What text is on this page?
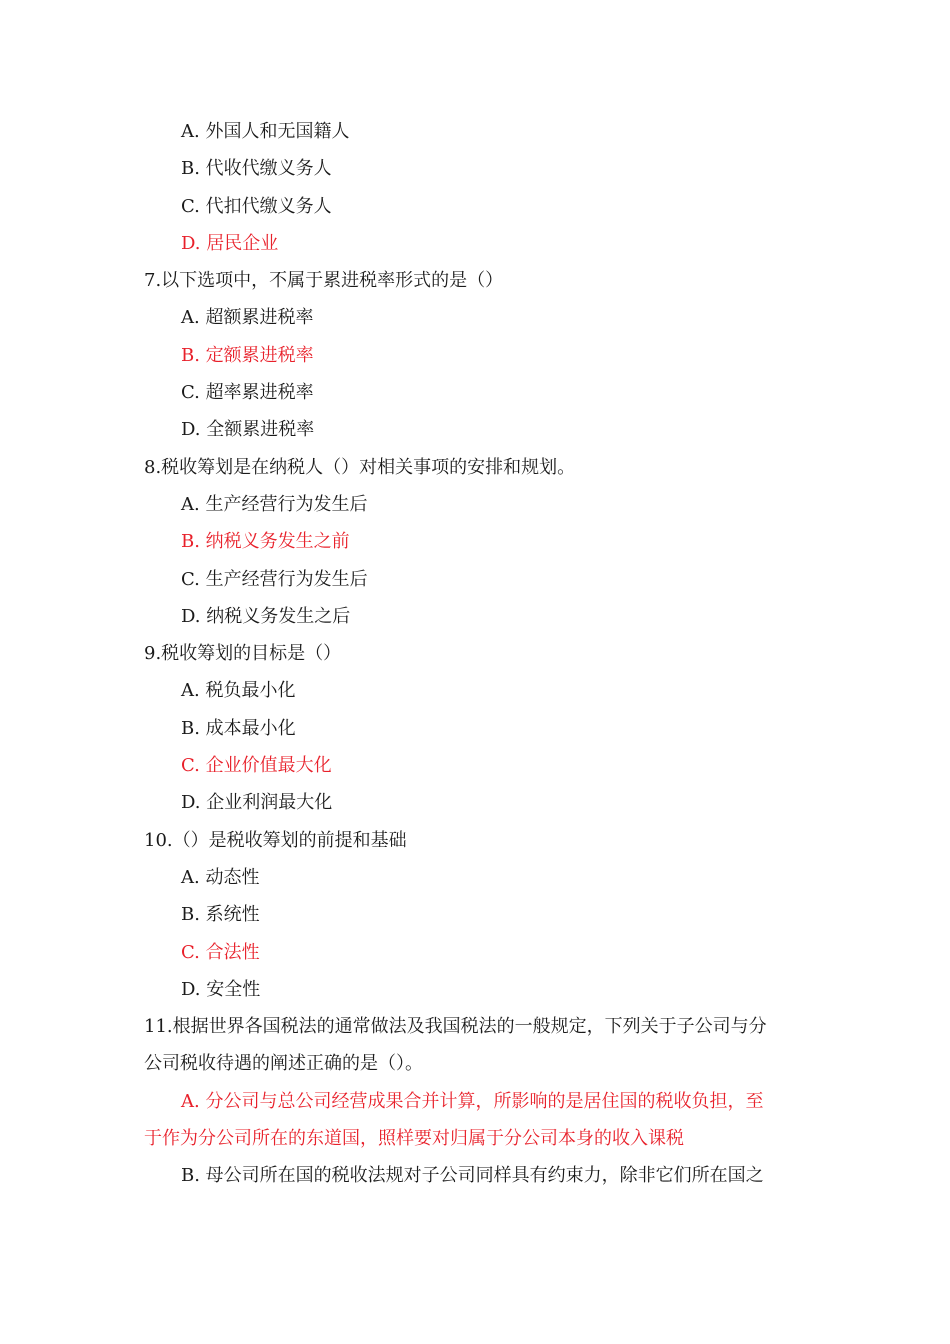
A. 外国人和无国籍人
B. 代收代缴义务人
C. 代扣代缴义务人
D. 居民企业
7.以下选项中，不属于累进税率形式的是（）
A. 超额累进税率
B. 定额累进税率
C. 超率累进税率
D. 全额累进税率
8.税收筹划是在纳税人（）对相关事项的安排和规划。
A. 生产经营行为发生后
B. 纳税义务发生之前
C. 生产经营行为发生后
D. 纳税义务发生之后
9.税收筹划的目标是（）
A. 税负最小化
B. 成本最小化
C. 企业价值最大化
D. 企业利润最大化
10.（）是税收筹划的前提和基础
A. 动态性
B. 系统性
C. 合法性
D. 安全性
11.根据世界各国税法的通常做法及我国税法的一般规定，下列关于子公司与分
公司税收待遇的阐述正确的是（）。
A. 分公司与总公司经营成果合并计算，所影响的是居住国的税收负担，至
于作为分公司所在的东道国，照样要对归属于分公司本身的收入课税
B. 母公司所在国的税收法规对子公司同样具有约束力，除非它们所在国之
